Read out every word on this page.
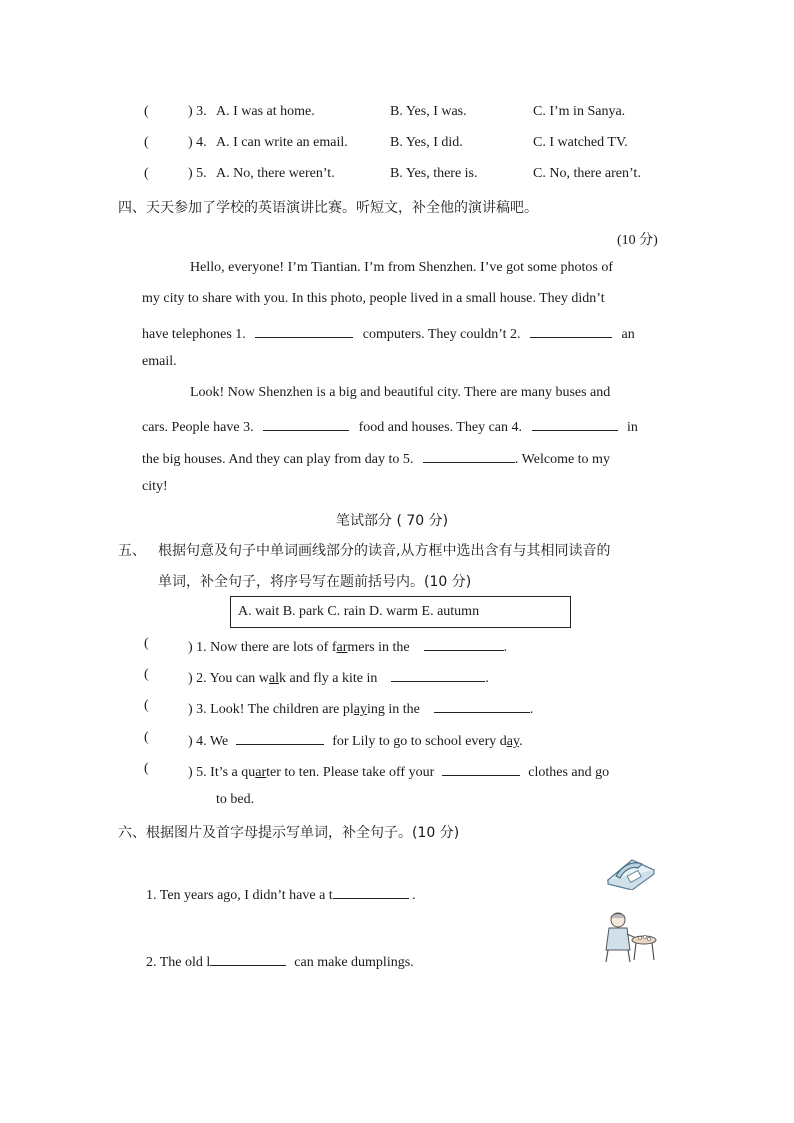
(	) 3. A. I was at home.	B. Yes, I was.	C. I’m in Sanya.
(	) 4. A. I can write an email.	B. Yes, I did.	C. I watched TV.
(	) 5. A. No, there weren’t.	B. Yes, there is.	C. No, there aren’t.
四、天天参加了学校的英语演讲比赛。听短文，补全他的演讲稿吧。
(10 分)
Hello, everyone! I’m Tiantian. I’m from Shenzhen. I’ve got some photos of
my city to share with you. In this photo, people lived in a small house. They didn’t
have telephones 1.	computers. They couldn’t 2.	an
email.
Look! Now Shenzhen is a big and beautiful city. There are many buses and
cars. People have 3.	food and houses. They can 4.	in
the big houses. And they can play from day to 5.	. Welcome to my
city!
笔试部分 ( 70 分)
五、 根据句意及句子中单词画线部分的读音,从方框中选出含有与其相同读音的
单词，补全句子，将序号写在题前括号内。(10 分)
A. wait B. park C. rain D. warm E. autumn
(	) 1. Now there are lots of farmers in the	.
(	) 2. You can walk and fly a kite in	.
(	) 3. Look! The children are playing in the	.
(	) 4. We	for Lily to go to school every day.
(	) 5. It’s a quarter to ten. Please take off your	clothes and go
to bed.
六、根据图片及首字母提示写单词，补全句子。(10 分)
1. Ten years ago, I didn’t have a t	.
2. The old l	can make dumplings.
